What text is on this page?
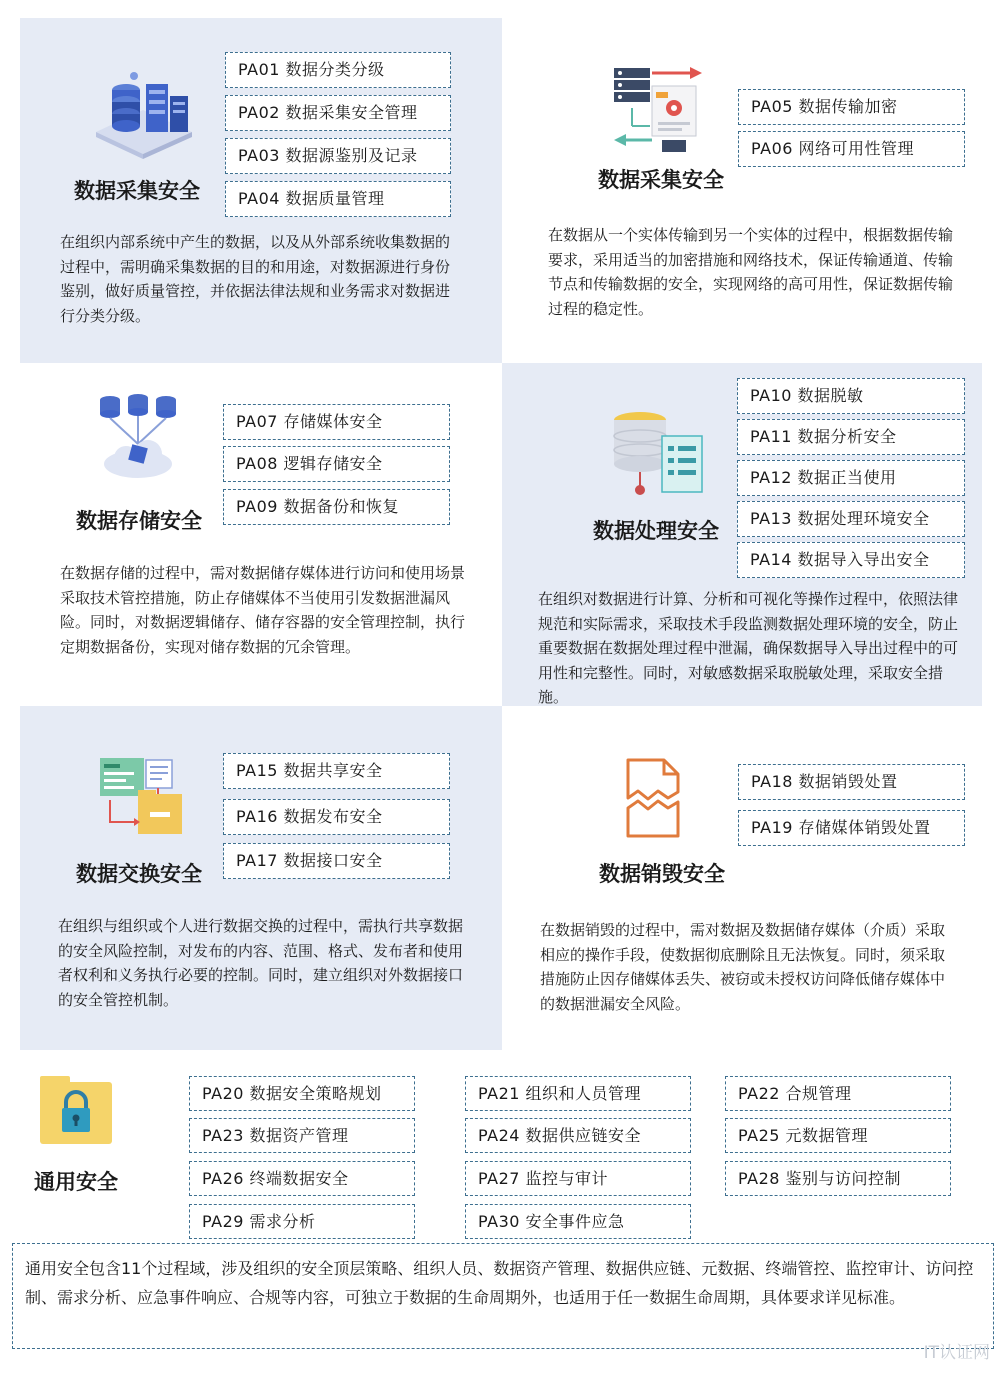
PA01 数据分类分级
PA02 数据采集安全管理
PA03 数据源鉴别及记录
PA04 数据质量管理
数据采集安全
在组织内部系统中产生的数据，以及从外部系统收集数据的过程中，需明确采集数据的目的和用途，对数据源进行身份鉴别，做好质量管控，并依据法律法规和业务需求对数据进行分类分级。
PA05 数据传输加密
PA06 网络可用性管理
数据采集安全
在数据从一个实体传输到另一个实体的过程中，根据数据传输要求，采用适当的加密措施和网络技术，保证传输通道、传输节点和传输数据的安全，实现网络的高可用性，保证数据传输过程的稳定性。
PA07 存储媒体安全
PA08 逻辑存储安全
PA09 数据备份和恢复
数据存储安全
在数据存储的过程中，需对数据储存媒体进行访问和使用场景采取技术管控措施，防止存储媒体不当使用引发数据泄漏风险。同时，对数据逻辑储存、储存容器的安全管理控制，执行定期数据备份，实现对储存数据的冗余管理。
PA10 数据脱敏
PA11 数据分析安全
PA12 数据正当使用
PA13 数据处理环境安全
PA14 数据导入导出安全
数据处理安全
在组织对数据进行计算、分析和可视化等操作过程中，依照法律规范和实际需求，采取技术手段监测数据处理环境的安全，防止重要数据在数据处理过程中泄漏，确保数据导入导出过程中的可用性和完整性。同时，对敏感数据采取脱敏处理，采取安全措施。
PA15 数据共享安全
PA16 数据发布安全
PA17 数据接口安全
数据交换安全
在组织与组织或个人进行数据交换的过程中，需执行共享数据的安全风险控制，对发布的内容、范围、格式、发布者和使用者权利和义务执行必要的控制。同时，建立组织对外数据接口的安全管控机制。
PA18 数据销毁处置
PA19 存储媒体销毁处置
数据销毁安全
在数据销毁的过程中，需对数据及数据储存媒体（介质）采取相应的操作手段，使数据彻底删除且无法恢复。同时，须采取措施防止因存储媒体丢失、被窃或未授权访问降低储存媒体中的数据泄漏安全风险。
通用安全
PA20 数据安全策略规划	PA21 组织和人员管理	PA22 合规管理
PA23 数据资产管理	PA24 数据供应链安全	PA25 元数据管理
PA26 终端数据安全	PA27 监控与审计	PA28 鉴别与访问控制
PA29 需求分析	PA30 安全事件应急
通用安全包含11个过程域，涉及组织的安全顶层策略、组织人员、数据资产管理、数据供应链、元数据、终端管控、监控审计、访问控制、需求分析、应急事件响应、合规等内容，可独立于数据的生命周期外，也适用于任一数据生命周期，具体要求详见标准。
IT认证网
